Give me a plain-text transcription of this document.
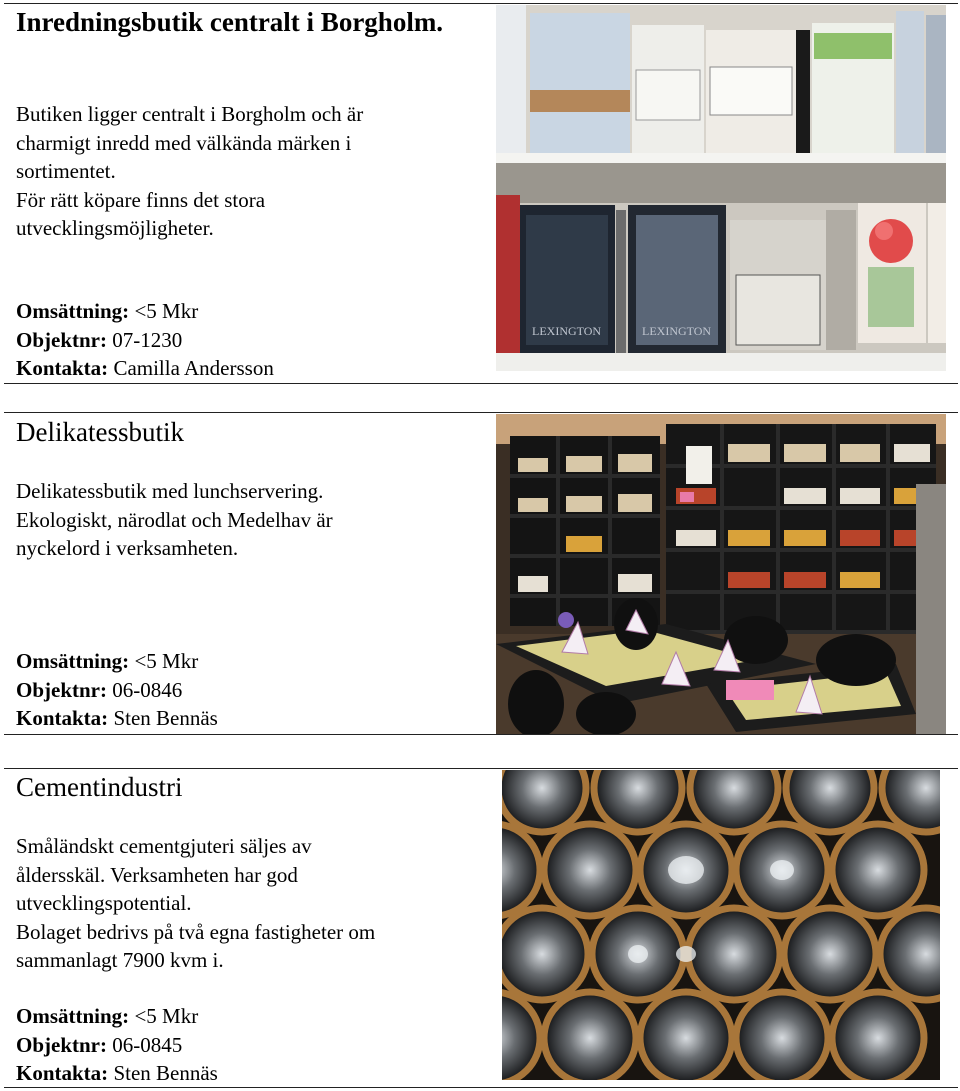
Inredningsbutik centralt i Borgholm.
Butiken ligger centralt i Borgholm och är
charmigt inredd med välkända märken i
sortimentet.
För rätt köpare finns det stora
utvecklingsmöjligheter.
Omsättning: <5 Mkr
Objektnr: 07-1230
Kontakta: Camilla Andersson
LEXINGTON	LEXINGTON
Delikatessbutik
Delikatessbutik med lunchservering.
Ekologiskt, närodlat och Medelhav är
nyckelord i verksamheten.
Omsättning: <5 Mkr
Objektnr: 06-0846
Kontakta: Sten Bennäs
Cementindustri
Småländskt cementgjuteri säljes av
åldersskäl. Verksamheten har god
utvecklingspotential.
Bolaget bedrivs på två egna fastigheter om
sammanlagt 7900 kvm i.
Omsättning: <5 Mkr
Objektnr: 06-0845
Kontakta: Sten Bennäs
